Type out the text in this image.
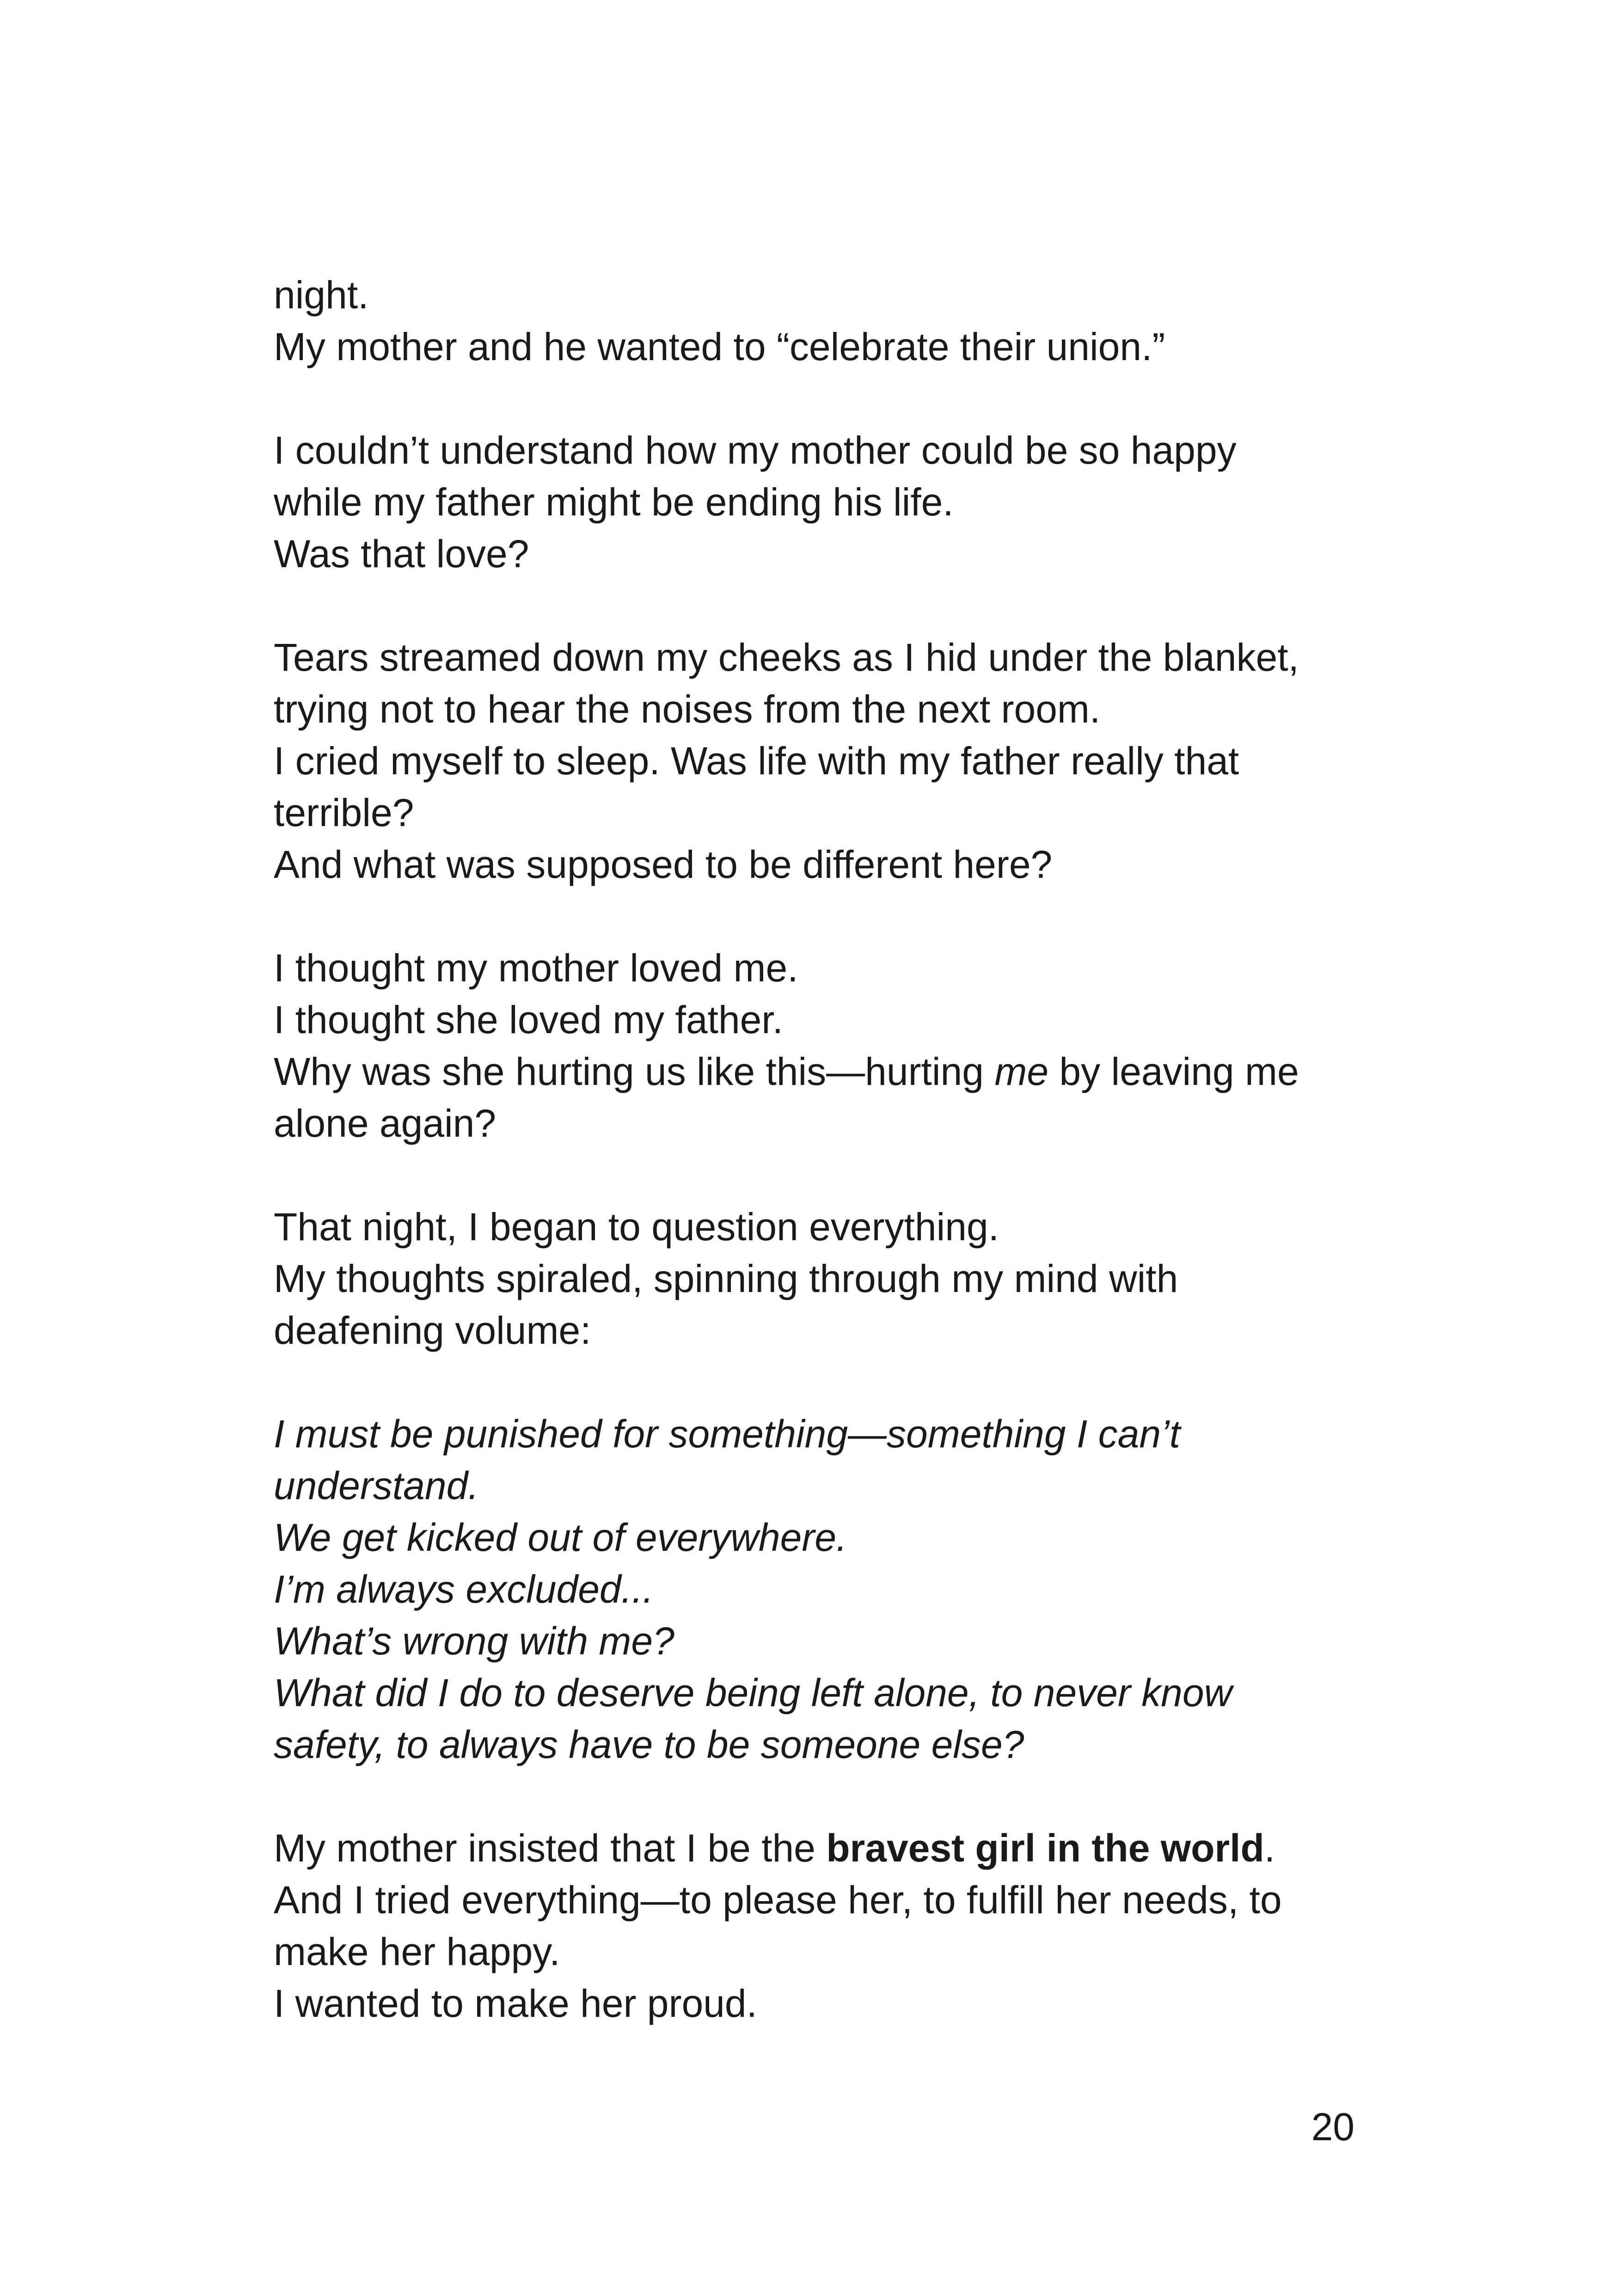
night.
My mother and he wanted to “celebrate their union.”
I couldn’t understand how my mother could be so happy
while my father might be ending his life.
Was that love?
Tears streamed down my cheeks as I hid under the blanket,
trying not to hear the noises from the next room.
I cried myself to sleep. Was life with my father really that
terrible?
And what was supposed to be different here?
I thought my mother loved me.
I thought she loved my father.
Why was she hurting us like this—hurting me by leaving me
alone again?
That night, I began to question everything.
My thoughts spiraled, spinning through my mind with
deafening volume:
I must be punished for something—something I can’t
understand.
We get kicked out of everywhere.
I’m always excluded...
What’s wrong with me?
What did I do to deserve being left alone, to never know
safety, to always have to be someone else?
My mother insisted that I be the bravest girl in the world.
And I tried everything—to please her, to fulfill her needs, to
make her happy.
I wanted to make her proud.
20
